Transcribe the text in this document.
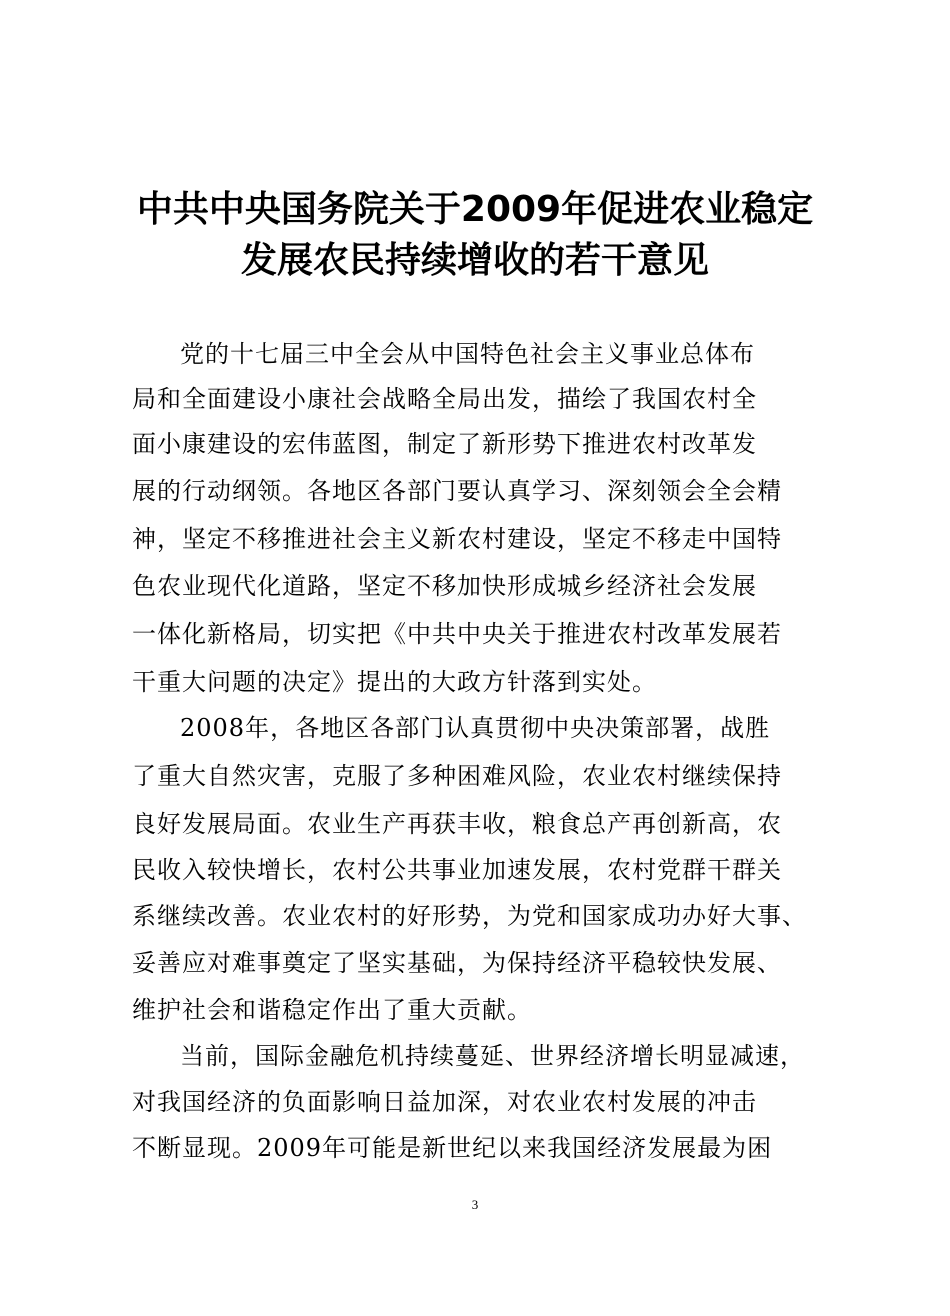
中共中央国务院关于2009年促进农业稳定
发展农民持续增收的若干意见
党的十七届三中全会从中国特色社会主义事业总体布
局和全面建设小康社会战略全局出发，描绘了我国农村全
面小康建设的宏伟蓝图，制定了新形势下推进农村改革发
展的行动纲领。各地区各部门要认真学习、深刻领会全会精
神，坚定不移推进社会主义新农村建设，坚定不移走中国特
色农业现代化道路，坚定不移加快形成城乡经济社会发展
一体化新格局，切实把《中共中央关于推进农村改革发展若
干重大问题的决定》提出的大政方针落到实处。
2008年，各地区各部门认真贯彻中央决策部署，战胜
了重大自然灾害，克服了多种困难风险，农业农村继续保持
良好发展局面。农业生产再获丰收，粮食总产再创新高，农
民收入较快增长，农村公共事业加速发展，农村党群干群关
系继续改善。农业农村的好形势，为党和国家成功办好大事、
妥善应对难事奠定了坚实基础，为保持经济平稳较快发展、
维护社会和谐稳定作出了重大贡献。
当前，国际金融危机持续蔓延、世界经济增长明显减速，
对我国经济的负面影响日益加深，对农业农村发展的冲击
不断显现。2009年可能是新世纪以来我国经济发展最为困
3
